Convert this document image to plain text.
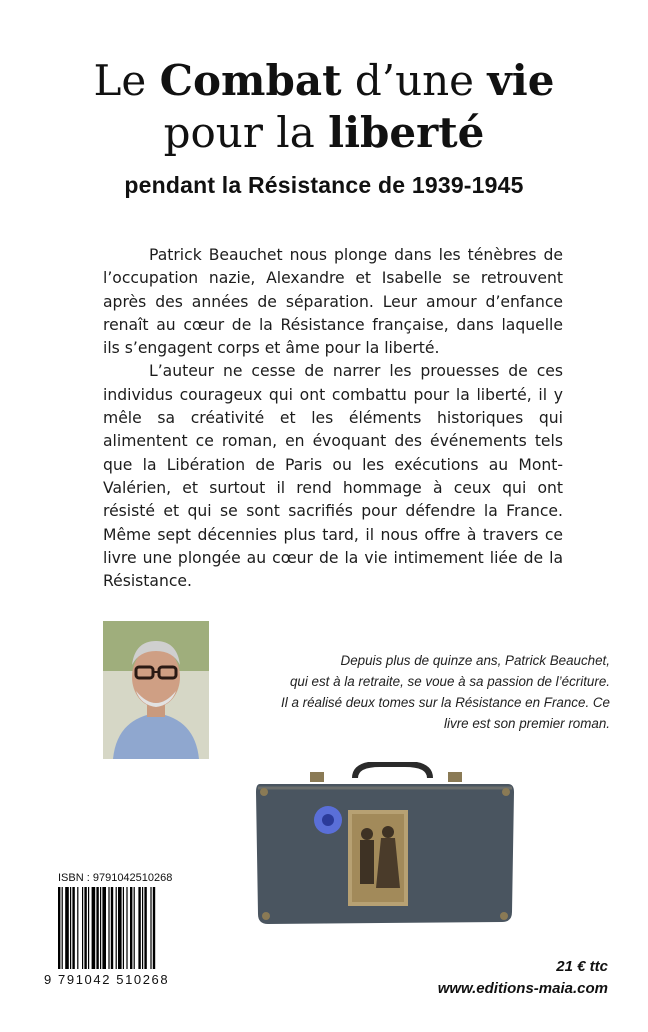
Le Combat d’une vie
pour la liberté
pendant la Résistance de 1939-1945

Patrick Beauchet nous plonge dans les ténèbres de l’occupation nazie, Alexandre et Isabelle se retrouvent après des années de séparation. Leur amour d’enfance renaît au cœur de la Résistance française, dans laquelle ils s’engagent corps et âme pour la liberté.

L’auteur ne cesse de narrer les prouesses de ces individus courageux qui ont combattu pour la liberté, il y mêle sa créativité et les éléments historiques qui alimentent ce roman, en évoquant des événements tels que la Libération de Paris ou les exécutions au Mont-Valérien, et surtout il rend hommage à ceux qui ont résisté et qui se sont sacrifiés pour défendre la France. Même sept décennies plus tard, il nous offre à travers ce livre une plongée au cœur de la vie intimement liée de la Résistance.

Depuis plus de quinze ans, Patrick Beauchet,
qui est à la retraite, se voue à sa passion de l’écriture.
Il a réalisé deux tomes sur la Résistance en France. Ce
livre est son premier roman.
ISBN : 9791042510268
9 791042 510268
21 € ttc
www.editions-maia.com
